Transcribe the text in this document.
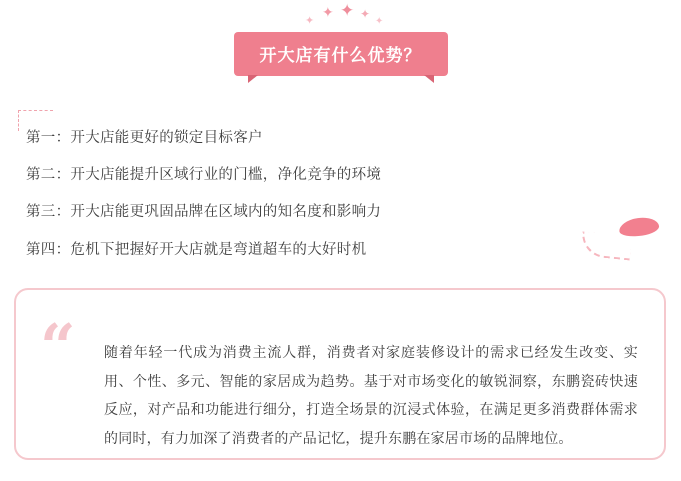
✦
✦ ✦ ✦
✦
开大店有什么优势？
第一：开大店能更好的锁定目标客户
第二：开大店能提升区域行业的门槛，净化竞争的环境
第三：开大店能更巩固品牌在区域内的知名度和影响力
第四：危机下把握好开大店就是弯道超车的大好时机
“ 随着年轻一代成为消费主流人群，消费者对家庭装修设计的需求已经发生改变、实用、个性、多元、智能的家居成为趋势。基于对市场变化的敏锐洞察，东鹏瓷砖快速反应，对产品和功能进行细分，打造全场景的沉浸式体验，在满足更多消费群体需求的同时，有力加深了消费者的产品记忆，提升东鹏在家居市场的品牌地位。
